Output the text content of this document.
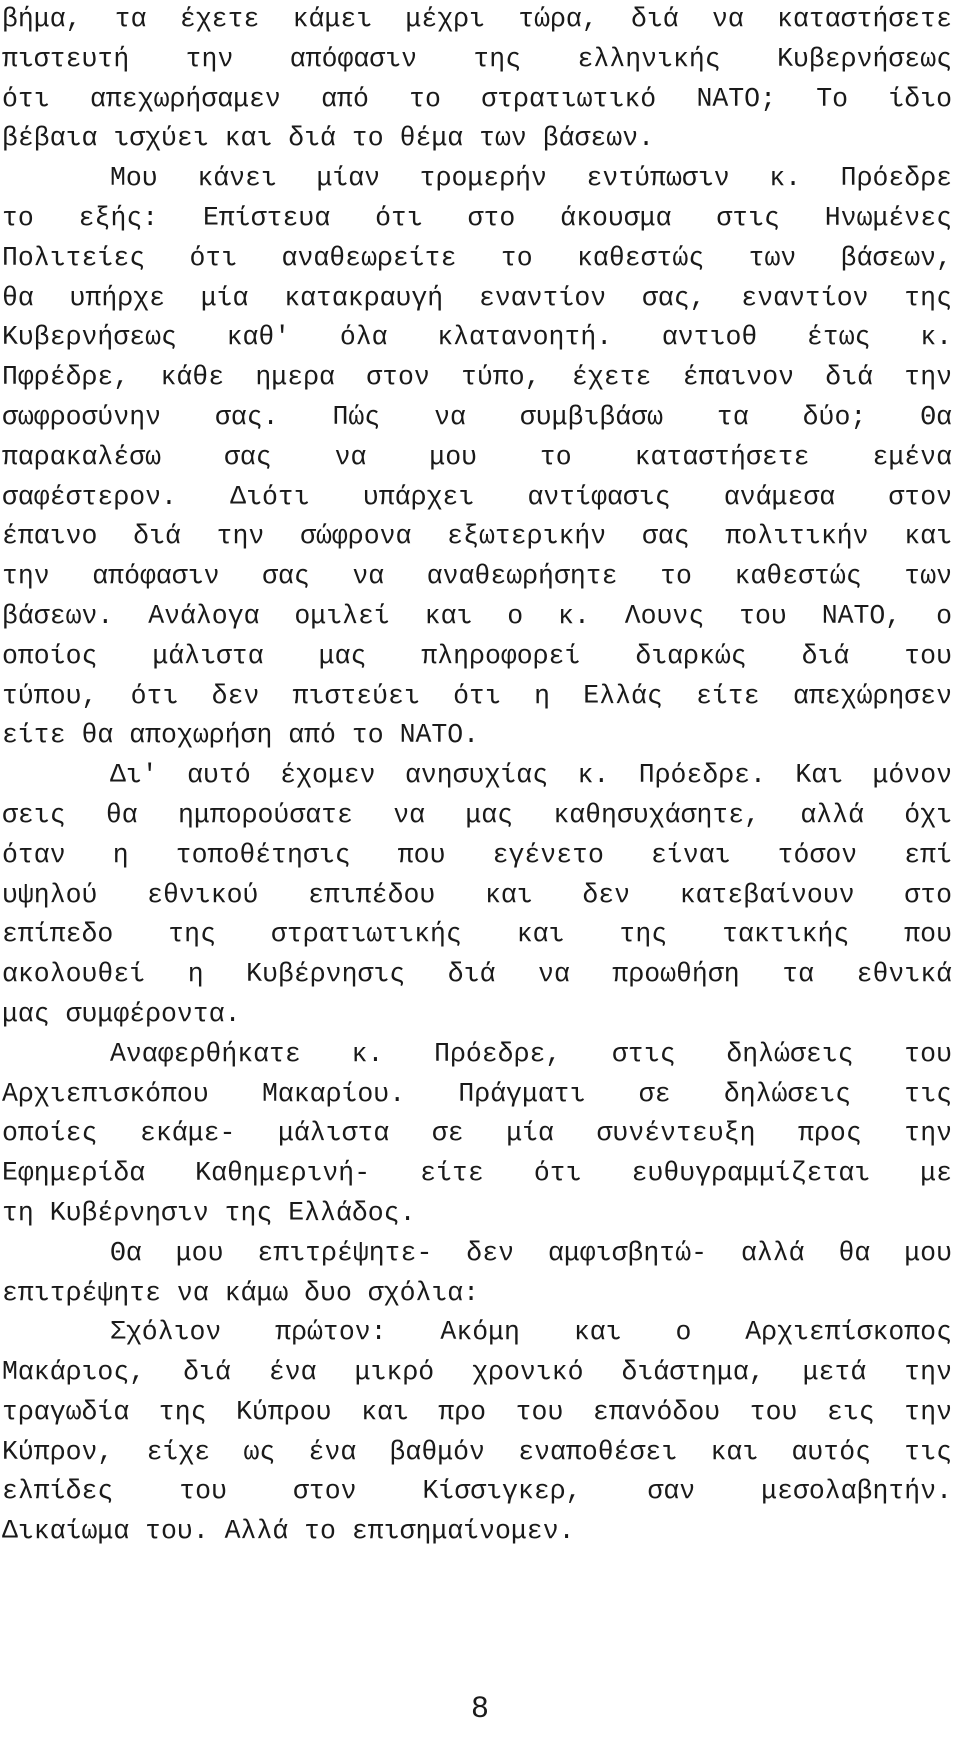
βήμα, τα έχετε κάμει μέχρι τώρα, διά να καταστήσετε
πιστευτή την απόφασιν της ελληνικής Κυβερνήσεως
ότι απεχωρήσαμεν από το στρατιωτικό ΝΑΤΟ; Το ίδιο
βέβαια ισχύει και διά το θέμα των βάσεων.
Μου κάνει μίαν τρομερήν εντύπωσιν κ. Πρόεδρε
το εξής: Επίστευα ότι στο άκουσμα στις Ηνωμένες
Πολιτείες ότι αναθεωρείτε το καθεστώς των βάσεων,
θα υπήρχε μία κατακραυγή εναντίον σας, εναντίον της
Κυβερνήσεως καθ' όλα κλατανοητή. αντιοθ έτως κ.
Πφρέδρε, κάθε ημερα στον τύπο, έχετε έπαινον διά την
σωφροσύνην σας. Πώς να συμβιβάσω τα δύο; Θα
παρακαλέσω σας να μου το καταστήσετε εμένα
σαφέστερον. Διότι υπάρχει αντίφασις ανάμεσα στον
έπαινο διά την σώφρονα εξωτερικήν σας πολιτικήν και
την απόφασιν σας να αναθεωρήσητε το καθεστώς των
βάσεων. Ανάλογα ομιλεί και ο κ. Λουνς του ΝΑΤΟ, ο
οποίος μάλιστα μας πληροφορεί διαρκώς διά του
τύπου, ότι δεν πιστεύει ότι η Ελλάς είτε απεχώρησεν
είτε θα αποχωρήση από το ΝΑΤΟ.
Δι' αυτό έχομεν ανησυχίας κ. Πρόεδρε. Και μόνον
σεις θα ημπορούσατε να μας καθησυχάσητε, αλλά όχι
όταν η τοποθέτησις που εγένετο είναι τόσον επί
υψηλού εθνικού επιπέδου και δεν κατεβαίνουν στο
επίπεδο της στρατιωτικής και της τακτικής που
ακολουθεί η Κυβέρνησις διά να προωθήση τα εθνικά
μας συμφέροντα.
Αναφερθήκατε κ. Πρόεδρε, στις δηλώσεις του
Αρχιεπισκόπου Μακαρίου. Πράγματι σε δηλώσεις τις
οποίες εκάμε- μάλιστα σε μία συνέντευξη προς την
Εφημερίδα Καθημερινή- είτε ότι ευθυγραμμίζεται με
τη Κυβέρνησιν της Ελλάδος.
Θα μου επιτρέψητε- δεν αμφισβητώ- αλλά θα μου
επιτρέψητε να κάμω δυο σχόλια:
Σχόλιον πρώτον: Ακόμη και ο Αρχιεπίσκοπος
Μακάριος, διά ένα μικρό χρονικό διάστημα, μετά την
τραγωδία της Κύπρου και προ του επανόδου του εις την
Κύπρον, είχε ως ένα βαθμόν εναποθέσει και αυτός τις
ελπίδες του στον Κίσσιγκερ, σαν μεσολαβητήν.
Δικαίωμα του. Αλλά το επισημαίνομεν.
8
